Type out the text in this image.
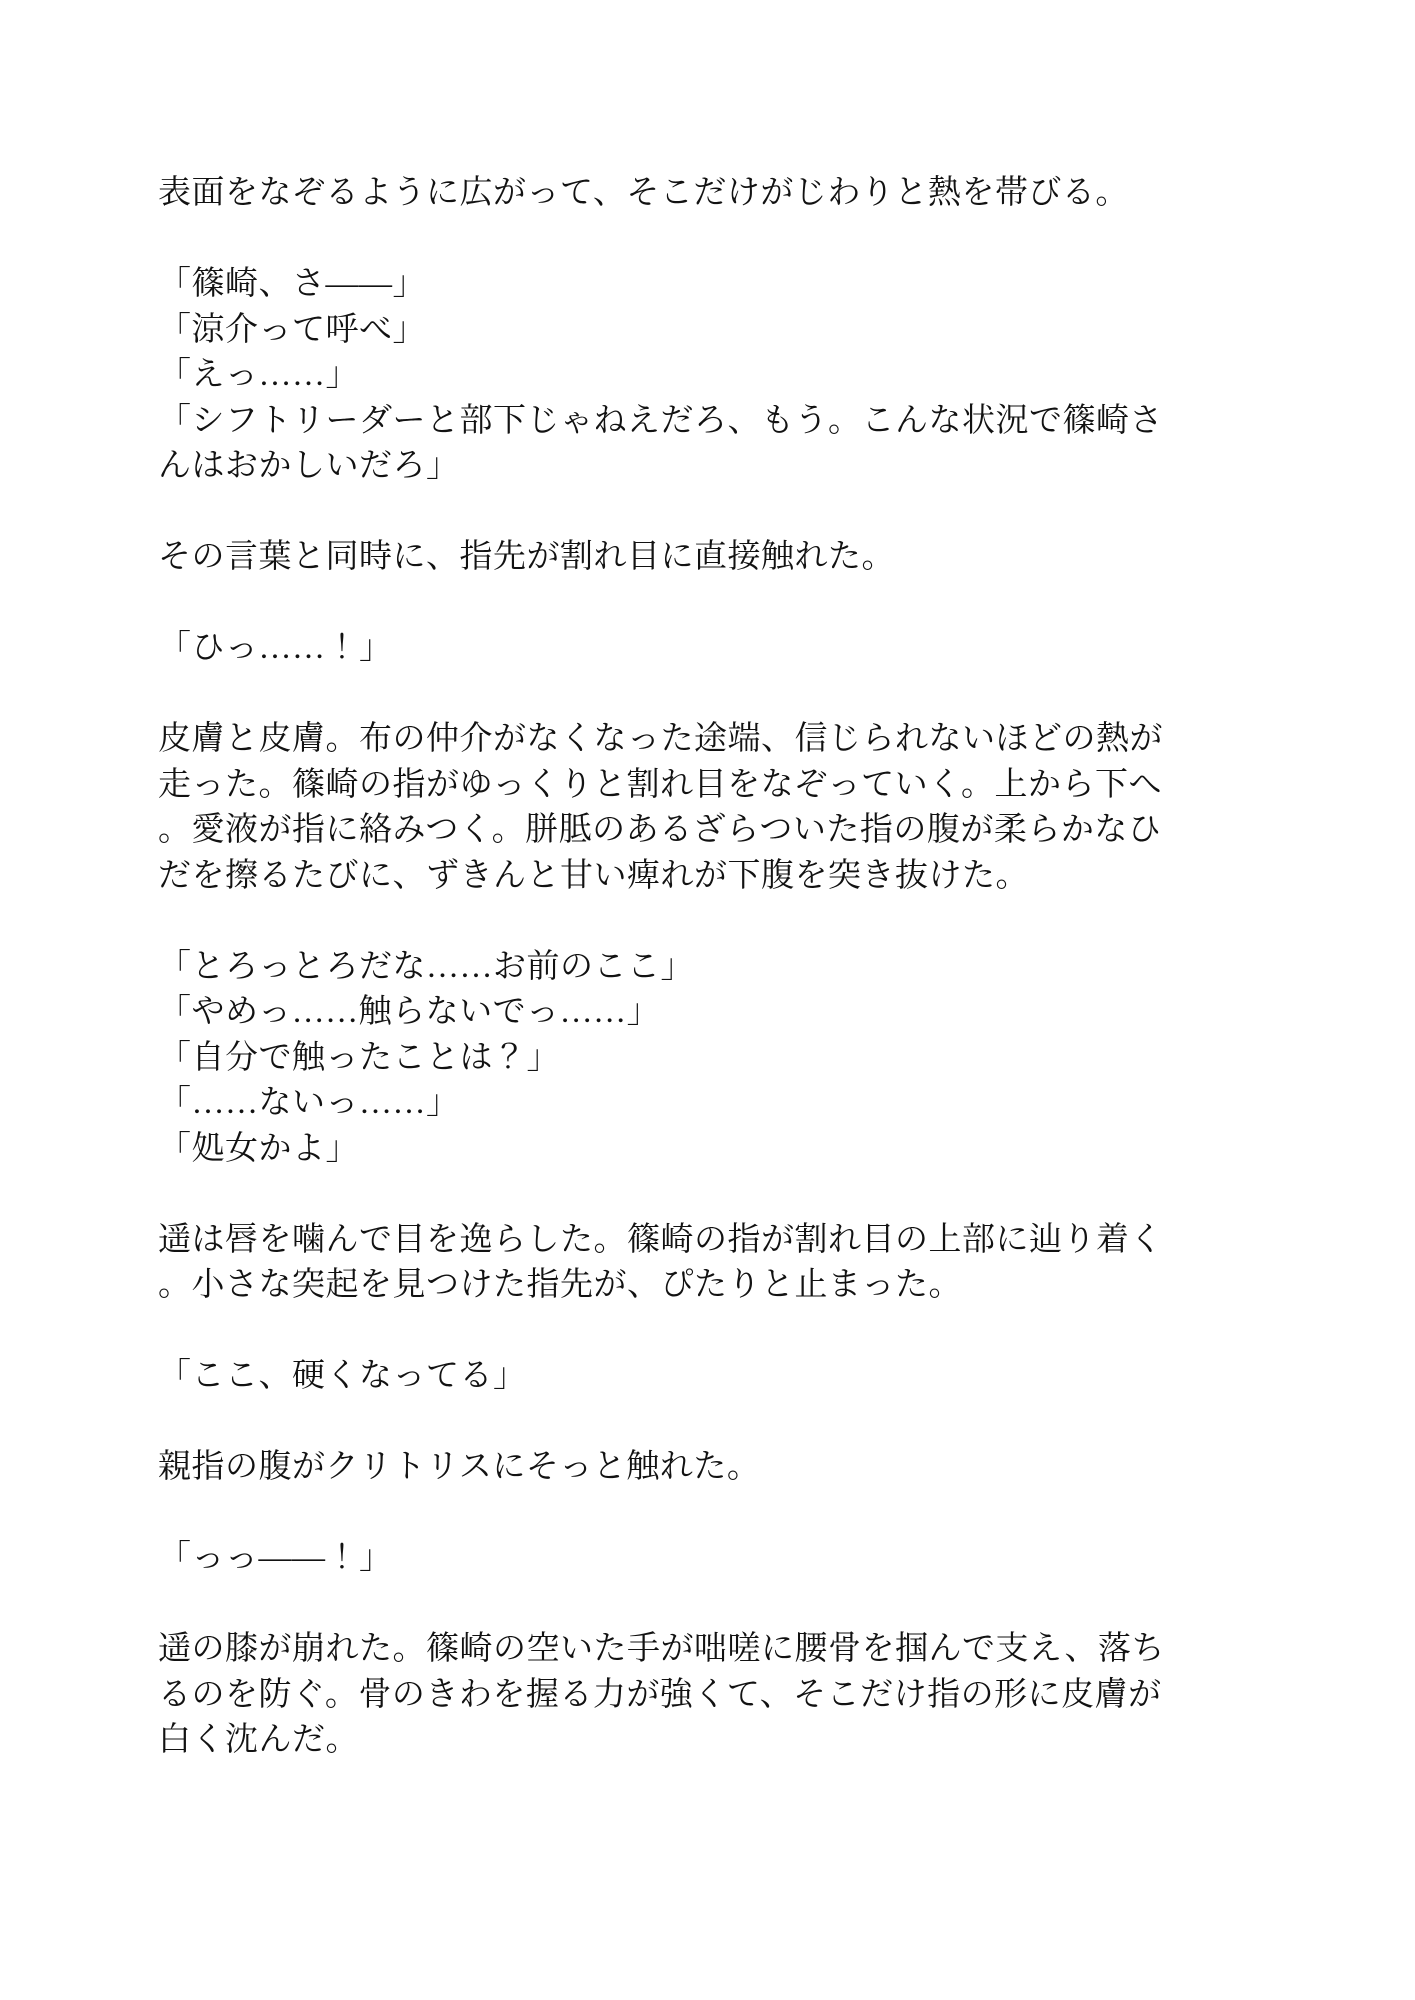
表面をなぞるように広がって、そこだけがじわりと熱を帯びる。
「篠崎、さ——」
「涼介って呼べ」
「えっ……」
「シフトリーダーと部下じゃねえだろ、もう。こんな状況で篠崎さ
んはおかしいだろ」
その言葉と同時に、指先が割れ目に直接触れた。
「ひっ……！」
皮膚と皮膚。布の仲介がなくなった途端、信じられないほどの熱が
走った。篠崎の指がゆっくりと割れ目をなぞっていく。上から下へ
。愛液が指に絡みつく。胼胝のあるざらついた指の腹が柔らかなひ
だを擦るたびに、ずきんと甘い痺れが下腹を突き抜けた。
「とろっとろだな……お前のここ」
「やめっ……触らないでっ……」
「自分で触ったことは？」
「……ないっ……」
「処女かよ」
遥は唇を噛んで目を逸らした。篠崎の指が割れ目の上部に辿り着く
。小さな突起を見つけた指先が、ぴたりと止まった。
「ここ、硬くなってる」
親指の腹がクリトリスにそっと触れた。
「っっ——！」
遥の膝が崩れた。篠崎の空いた手が咄嗟に腰骨を掴んで支え、落ち
るのを防ぐ。骨のきわを握る力が強くて、そこだけ指の形に皮膚が
白く沈んだ。
